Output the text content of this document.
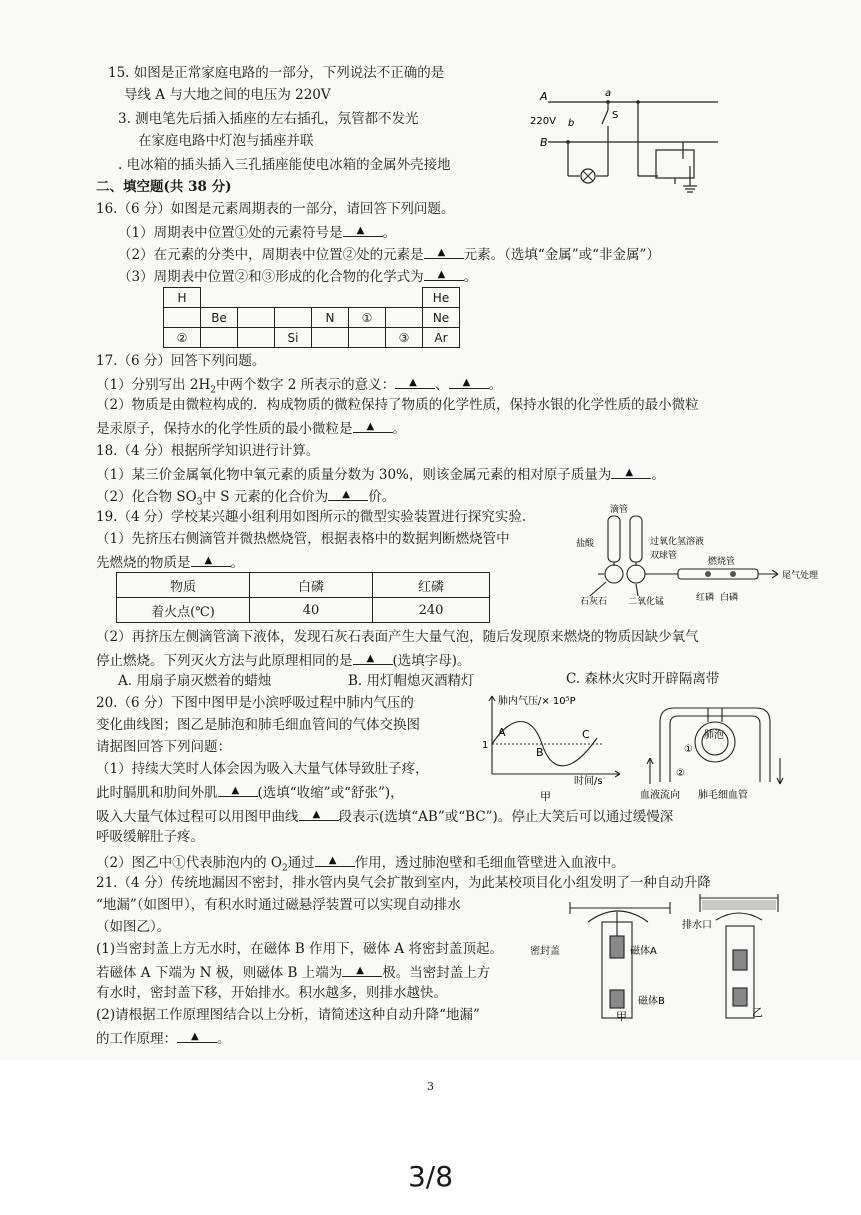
15. 如图是正常家庭电路的一部分，下列说法不正确的是
导线 A 与大地之间的电压为 220V
3. 测电笔先后插入插座的左右插孔，氖管都不发光
在家庭电路中灯泡与插座并联
. 电冰箱的插头插入三孔插座能使电冰箱的金属外壳接地
A
220V
B
a
b
S
二、填空题(共 38 分)
16.（6 分）如图是元素周期表的一部分，请回答下列问题。
（1）周期表中位置①处的元素符号是 ▲	。
（2）在元素的分类中，周期表中位置②处的元素是 ▲	元素。（选填“金属”或“非金属”）
（3）周期表中位置②和③形成的化合物的化学式为 ▲	。
H							He
	Be			N	①		Ne
②			Si			③	Ar
17.（6 分）回答下列问题。
（1）分别写出 $2H_2$中两个数字 2 所表示的意义： ▲	、 ▲	。
（2）物质是由微粒构成的．构成物质的微粒保持了物质的化学性质，保持水银的化学性质的最小微粒
是汞原子，保持水的化学性质的最小微粒是 ▲	。
18.（4 分）根据所学知识进行计算。
（1）某三价金属氧化物中氧元素的质量分数为 30%，则该金属元素的相对原子质量为 ▲	。
（2）化合物 $SO_3$中 S 元素的化合价为 ▲	价。
19.（4 分）学校某兴趣小组利用如图所示的微型实验装置进行探究实验.
（1）先挤压右侧滴管并微热燃烧管，根据表格中的数据判断燃烧管中
先燃烧的物质是 ▲	。
物质	白磷	红磷
着火点(℃)	40	240
滴管
盐酸	过氧化氢溶液
双球管
燃烧管
尾气处理
石灰石 二氧化锰	红磷 白磷
（2）再挤压左侧滴管滴下液体，发现石灰石表面产生大量气泡，随后发现原来燃烧的物质因缺少氧气
停止燃烧。下列灭火方法与此原理相同的是 ▲	(选填字母)。
A. 用扇子扇灭燃着的蜡烛	B. 用灯帽熄灭酒精灯	C. 森林火灾时开辟隔离带
20.（6 分）下图中图甲是小滨呼吸过程中肺内气压的
变化曲线图；图乙是肺泡和肺毛细血管间的气体交换图
请据图回答下列问题：
（1）持续大笑时人体会因为吸入大量气体导致肚子疼，
此时膈肌和肋间外肌 ▲	(选填“收缩”或“舒张”)，
吸入大量气体过程可以用图甲曲线 ▲	段表示(选填“AB”或“BC”)。停止大笑后可以通过缓慢深
呼吸缓解肚子疼。
（2）图乙中①代表肺泡内的 $O_2$通过 ▲	作用，透过肺泡壁和毛细血管壁进入血液中。
肺内气压/× 10⁵P
1
A
B
C
时间/s
甲
肺泡
①
②
血液流向 肺毛细血管
21.（4 分）传统地漏因不密封，排水管内臭气会扩散到室内，为此某校项目化小组发明了一种自动升降
“地漏”（如图甲），有积水时通过磁悬浮装置可以实现自动排水
（如图乙）。
(1)当密封盖上方无水时，在磁体 B 作用下，磁体 A 将密封盖顶起。
若磁体 A 下端为 N 极，则磁体 B 上端为 ▲	极。当密封盖上方
有水时，密封盖下移，开始排水。积水越多，则排水越快。
(2)请根据工作原理图结合以上分析，请简述这种自动升降“地漏”
的工作原理： ▲	。
密封盖	磁体A
磁体B
排水口
甲	乙
3
3/8
